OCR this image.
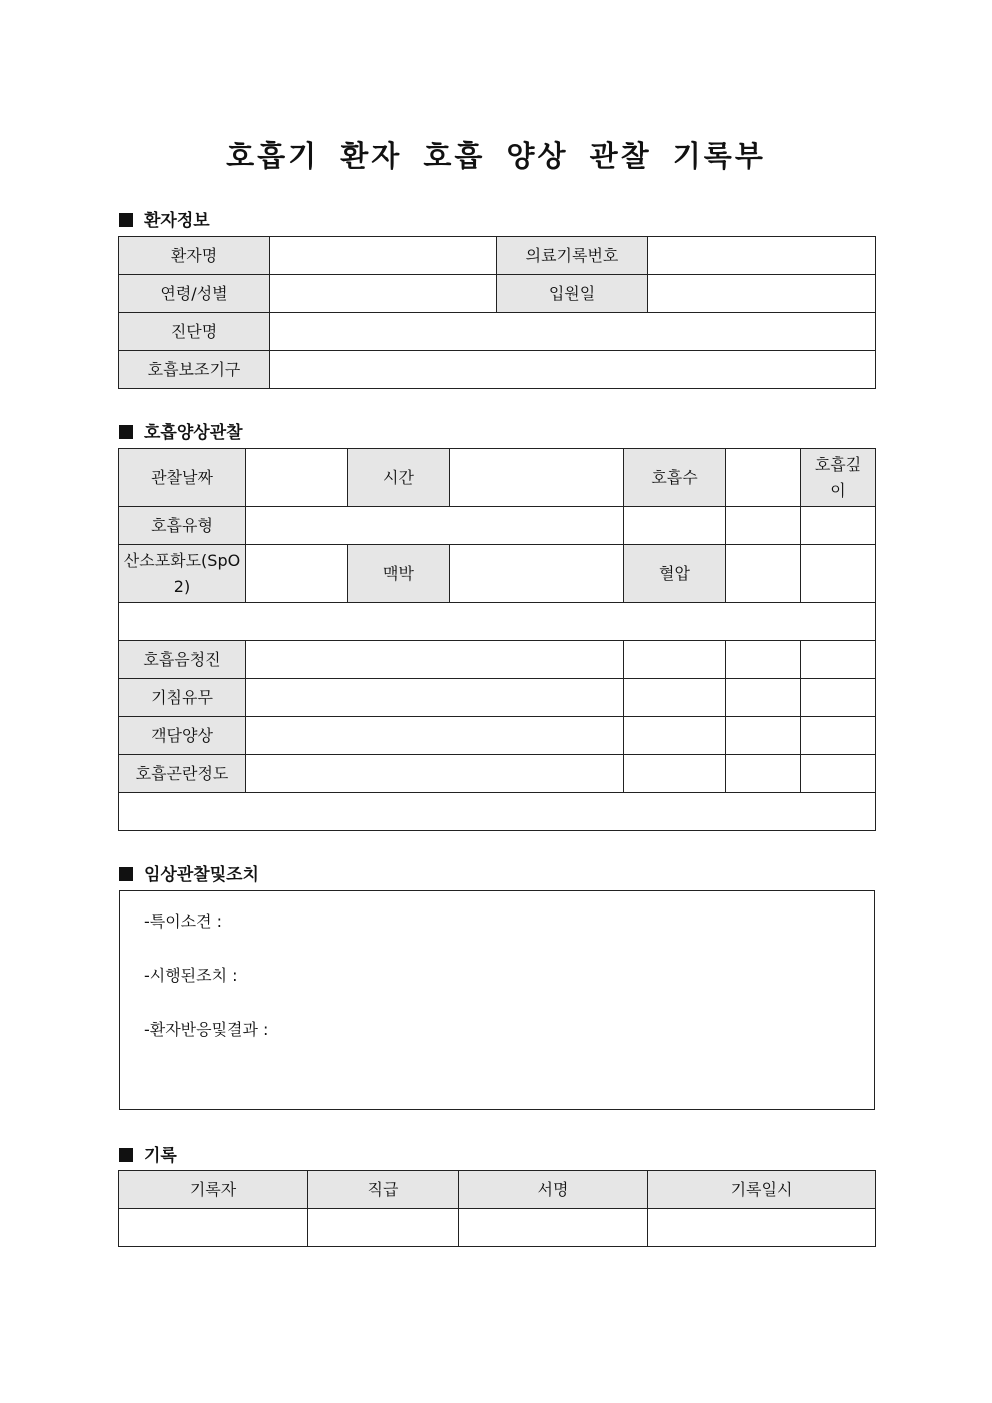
호흡기 환자 호흡 양상 관찰 기록부
환자정보
환자명		의료기록번호	
연령/성별		입원일	
진단명			
호흡보조기구			
호흡양상관찰
관찰날짜		시간		호흡수		호흡깊이
호흡유형						
산소포화도(SpO2)		맥박		혈압		

호흡음청진						
기침유무						
객담양상						
호흡곤란정도						

임상관찰및조치
-특이소견 :
-시행된조치 :
-환자반응및결과 :
기록
기록자	직급	서명	기록일시
